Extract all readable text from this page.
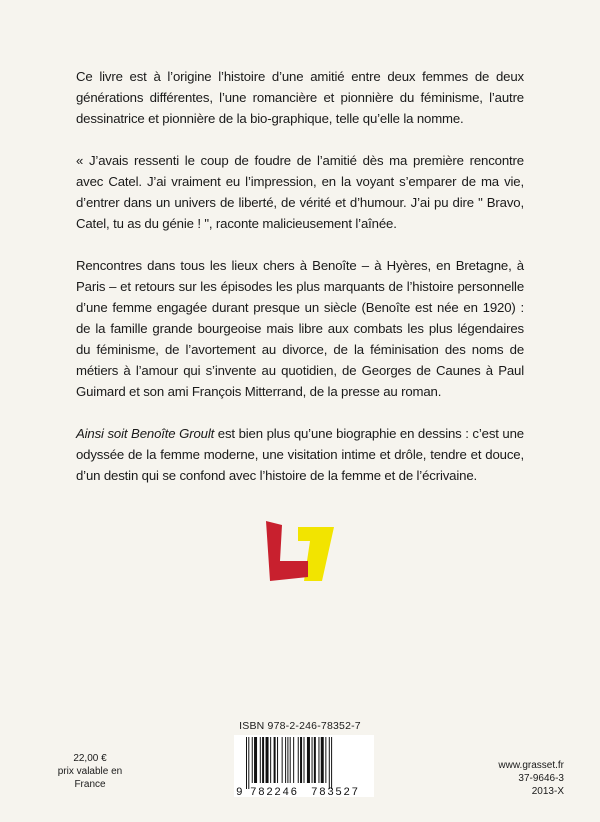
Ce livre est à l’origine l’histoire d’une amitié entre deux femmes de deux générations différentes, l’une romancière et pionnière du féminisme, l’autre dessinatrice et pionnière de la bio-graphique, telle qu’elle la nomme.

« J’avais ressenti le coup de foudre de l’amitié dès ma première rencontre avec Catel. J’ai vraiment eu l’impression, en la voyant s’emparer de ma vie, d’entrer dans un univers de liberté, de vérité et d’humour. J’ai pu dire " Bravo, Catel, tu as du génie ! ", raconte malicieusement l’aînée.

Rencontres dans tous les lieux chers à Benoîte – à Hyères, en Bretagne, à Paris – et retours sur les épisodes les plus marquants de l’histoire personnelle d’une femme engagée durant presque un siècle (Benoîte est née en 1920) : de la famille grande bourgeoise mais libre aux combats les plus légendaires du féminisme, de l’avortement au divorce, de la féminisation des noms de métiers à l’amour qui s’invente au quotidien, de Georges de Caunes à Paul Guimard et son ami François Mitterrand, de la presse au roman.

Ainsi soit Benoîte Groult est bien plus qu’une biographie en dessins : c’est une odyssée de la femme moderne, une visitation intime et drôle, tendre et douce, d’un destin qui se confond avec l’histoire de la femme et de l’écrivaine.

ISBN 978-2-246-78352-7
9 782246 783527
22,00 €
prix valable en
France
www.grasset.fr
37-9646-3
2013-X
